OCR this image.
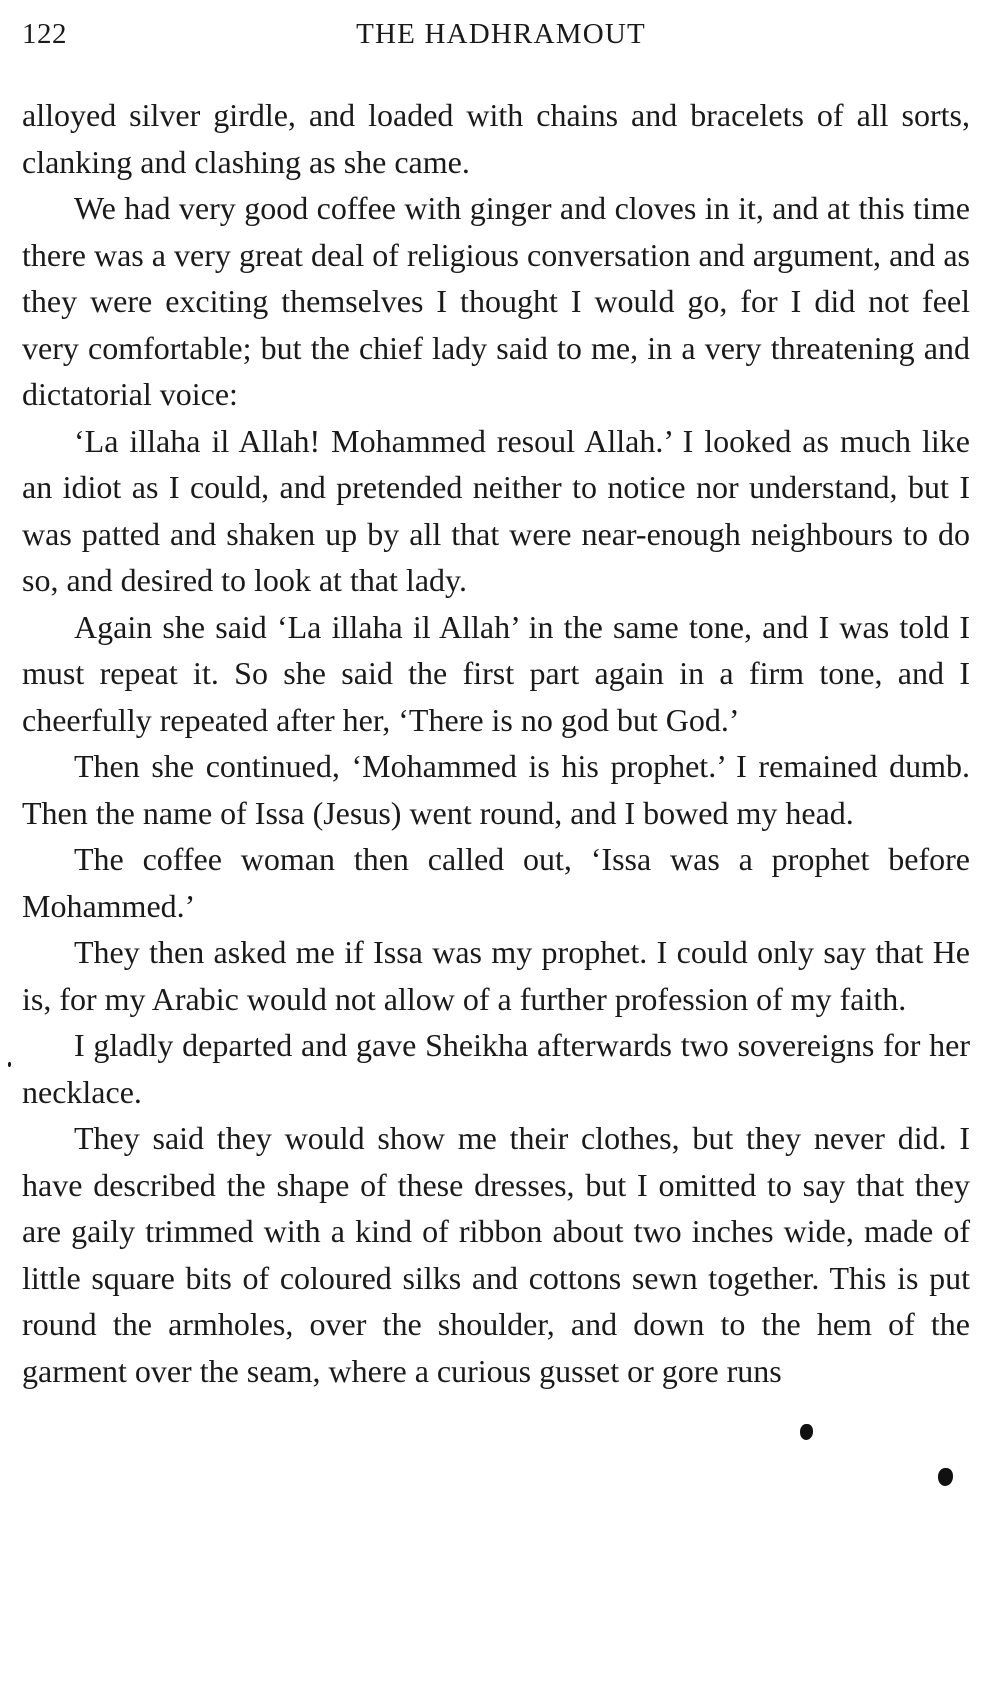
122	THE HADHRAMOUT

alloyed silver girdle, and loaded with chains and bracelets of all sorts, clanking and clashing as she came.

We had very good coffee with ginger and cloves in it, and at this time there was a very great deal of religious conversation and argument, and as they were exciting themselves I thought I would go, for I did not feel very comfortable; but the chief lady said to me, in a very threatening and dictatorial voice:

‘La illaha il Allah! Mohammed resoul Allah.’ I looked as much like an idiot as I could, and pretended neither to notice nor understand, but I was patted and shaken up by all that were near-enough neighbours to do so, and desired to look at that lady.

Again she said ‘La illaha il Allah’ in the same tone, and I was told I must repeat it. So she said the first part again in a firm tone, and I cheerfully repeated after her, ‘There is no god but God.’

Then she continued, ‘Mohammed is his prophet.’ I remained dumb. Then the name of Issa (Jesus) went round, and I bowed my head.

The coffee woman then called out, ‘Issa was a prophet before Mohammed.’

They then asked me if Issa was my prophet. I could only say that He is, for my Arabic would not allow of a further profession of my faith.

I gladly departed and gave Sheikha afterwards two sovereigns for her necklace.

They said they would show me their clothes, but they never did. I have described the shape of these dresses, but I omitted to say that they are gaily trimmed with a kind of ribbon about two inches wide, made of little square bits of coloured silks and cottons sewn together. This is put round the armholes, over the shoulder, and down to the hem of the garment over the seam, where a curious gusset or gore runs
